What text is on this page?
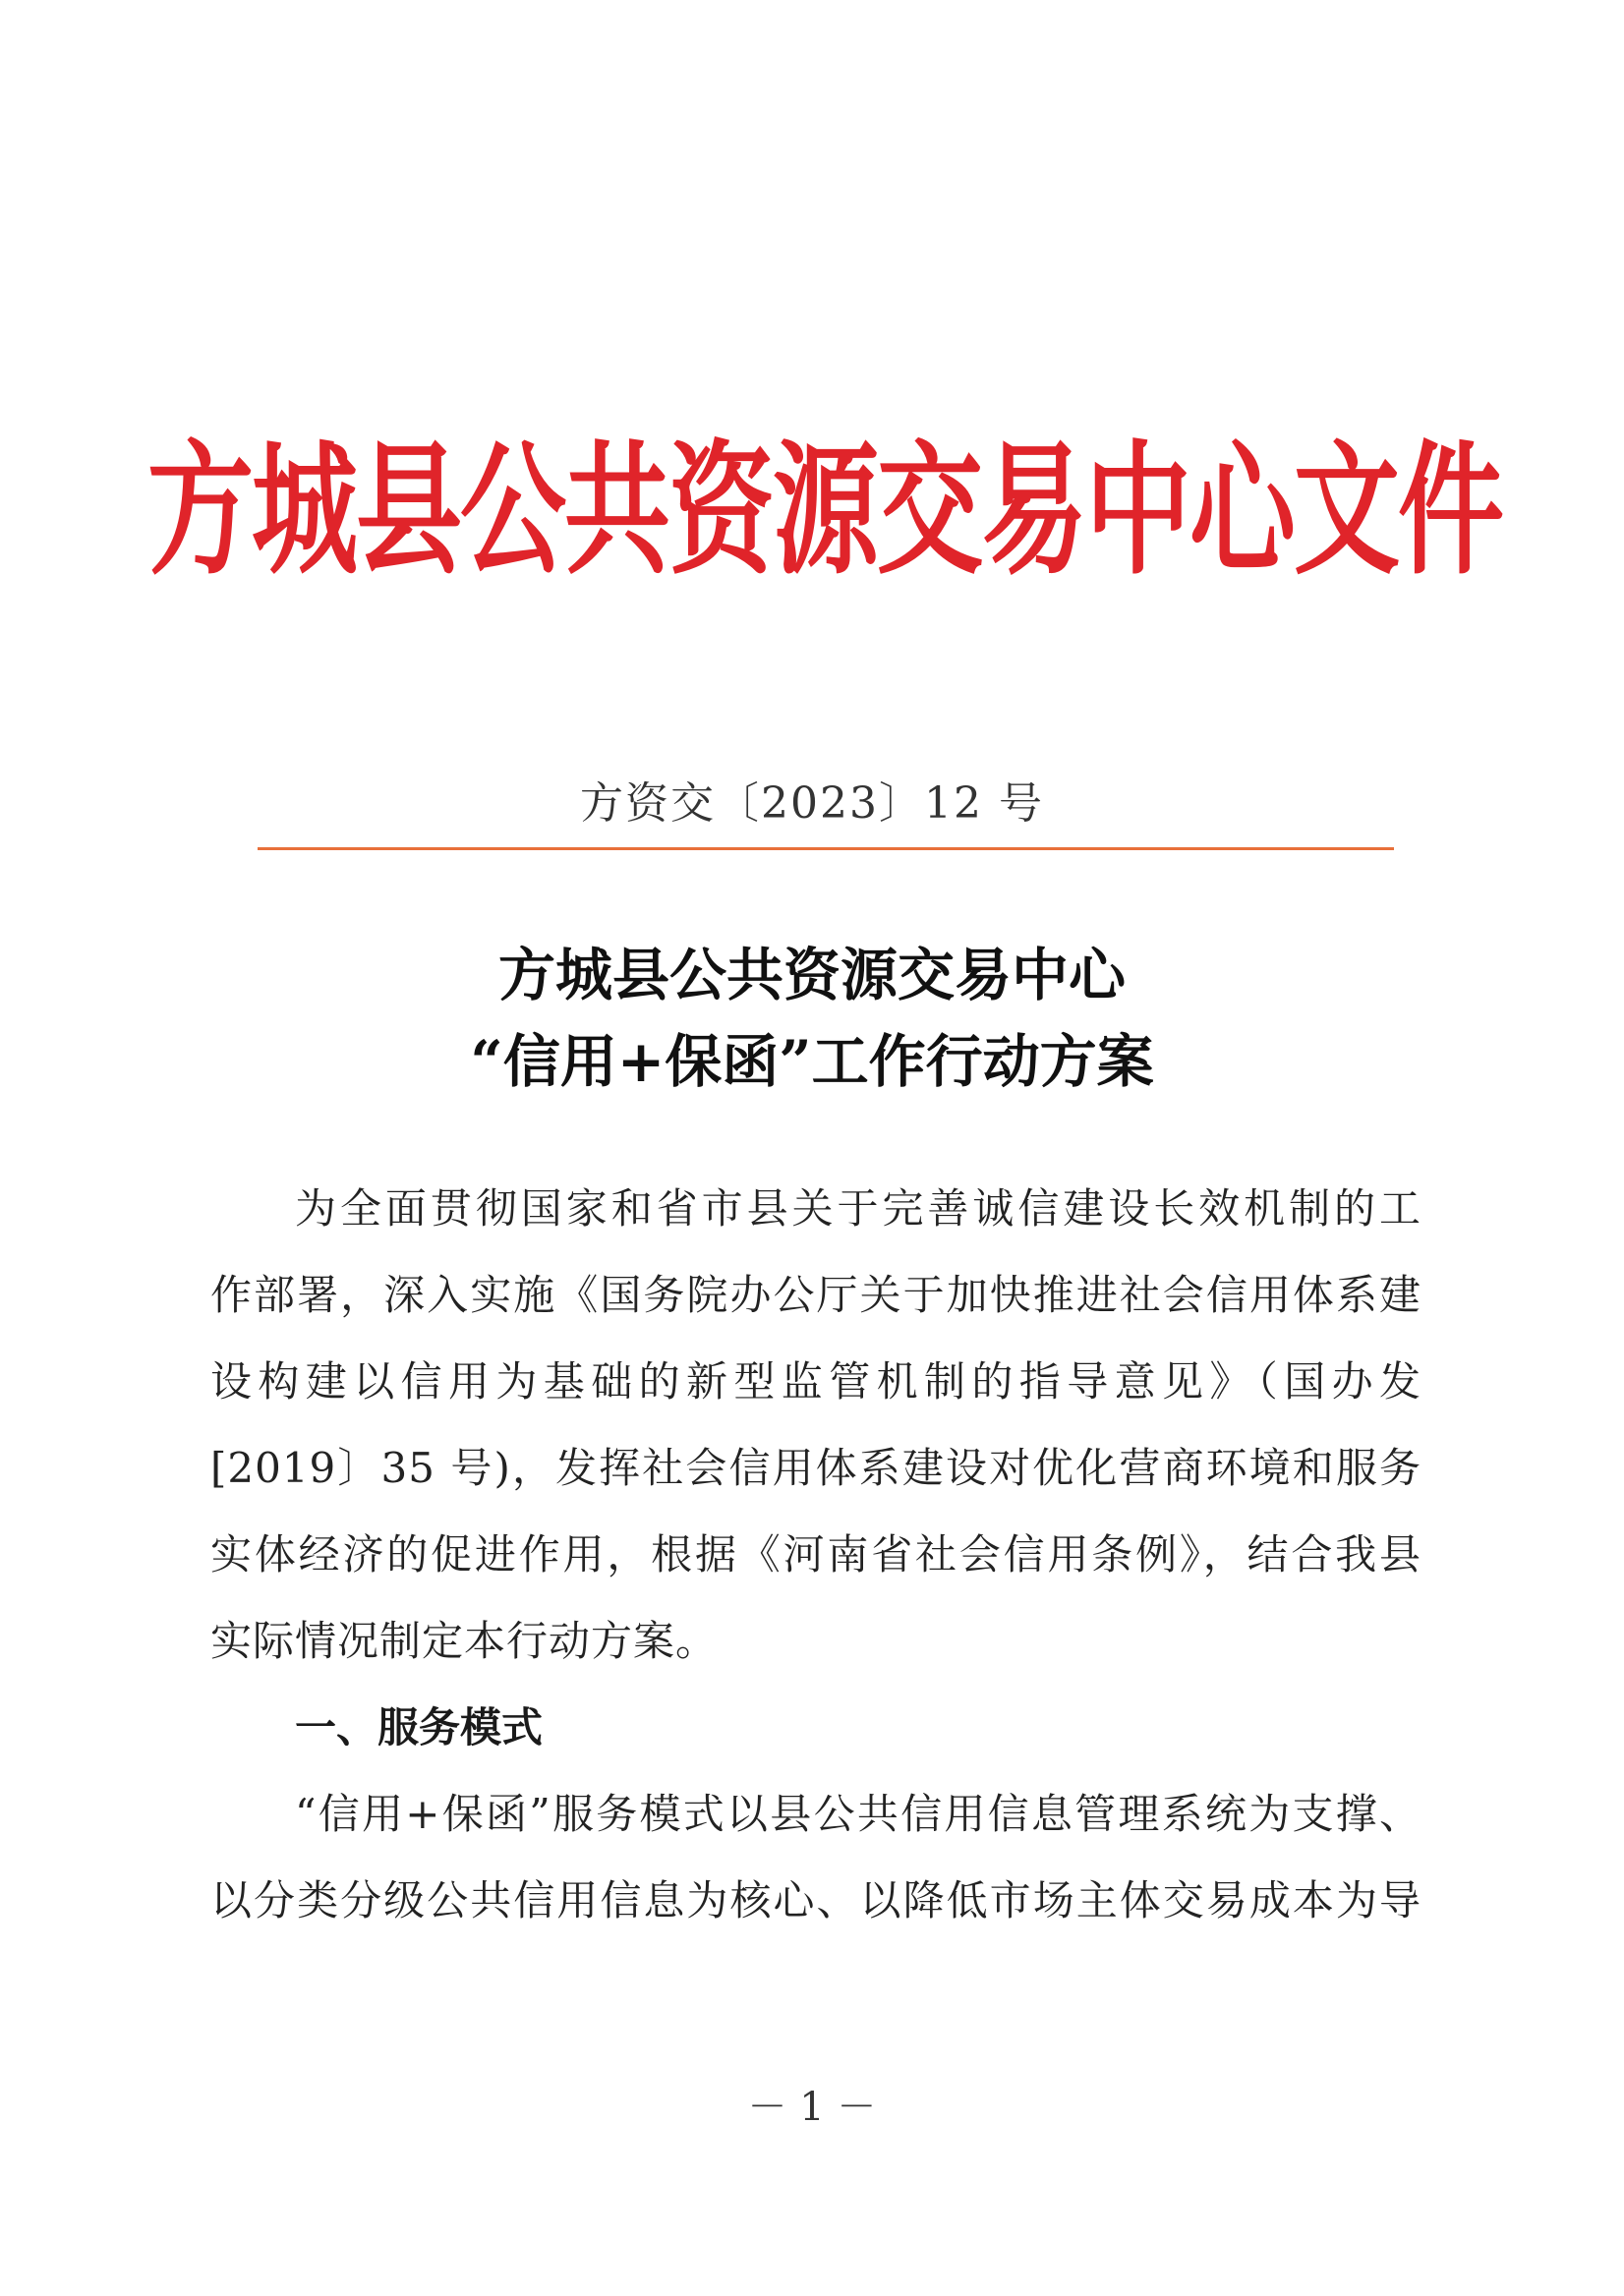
方城县公共资源交易中心文件
方资交〔2023〕12 号
方城县公共资源交易中心
“信用+保函”工作行动方案
为全面贯彻国家和省市县关于完善诚信建设长效机制的工
作部署，深入实施《国务院办公厅关于加快推进社会信用体系建
设构建以信用为基础的新型监管机制的指导意见》（国办发
[2019〕35 号)，发挥社会信用体系建设对优化营商环境和服务
实体经济的促进作用，根据《河南省社会信用条例》，结合我县
实际情况制定本行动方案。
一、服务模式
“信用+保函”服务模式以县公共信用信息管理系统为支撑、
以分类分级公共信用信息为核心、以降低市场主体交易成本为导
－ 1 －
